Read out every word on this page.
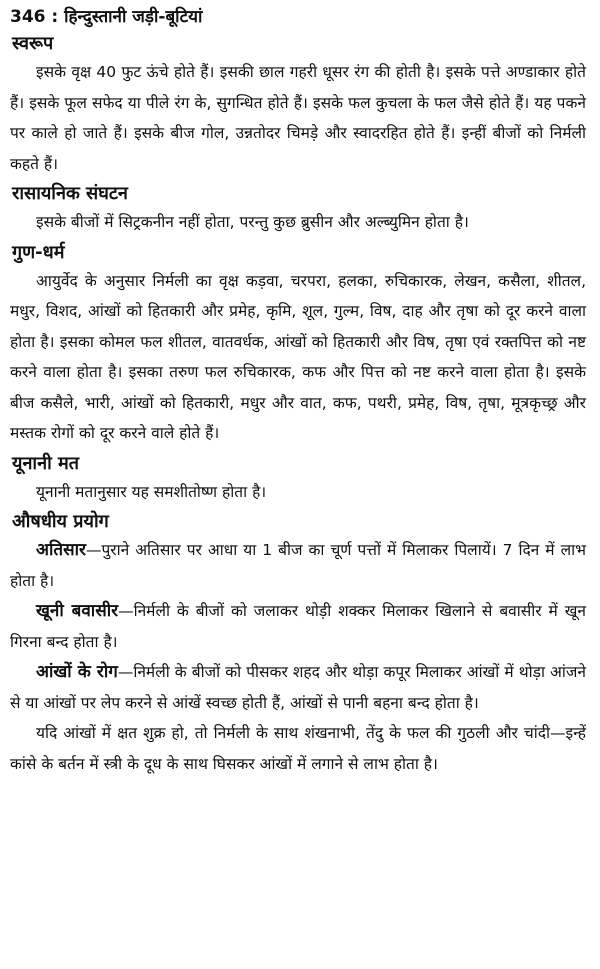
346 : हिन्दुस्तानी जड़ी-बूटियां
स्वरूप

इसके वृक्ष 40 फुट ऊंचे होते हैं। इसकी छाल गहरी धूसर रंग की होती है। इसके पत्ते अण्डाकार होते हैं। इसके फूल सफेद या पीले रंग के, सुगन्धित होते हैं। इसके फल कुचला के फल जैसे होते हैं। यह पकने पर काले हो जाते हैं। इसके बीज गोल, उन्नतोदर चिमड़े और स्वादरहित होते हैं। इन्हीं बीजों को निर्मली कहते हैं।

रासायनिक संघटन

इसके बीजों में सिट्रकनीन नहीं होता, परन्तु कुछ ब्रुसीन और अल्ब्युमिन होता है।

गुण-धर्म

आयुर्वेद के अनुसार निर्मली का वृक्ष कड़वा, चरपरा, हलका, रुचिकारक, लेखन, कसैला, शीतल, मधुर, विशद, आंखों को हितकारी और प्रमेह, कृमि, शूल, गुल्म, विष, दाह और तृषा को दूर करने वाला होता है। इसका कोमल फल शीतल, वातवर्धक, आंखों को हितकारी और विष, तृषा एवं रक्तपित्त को नष्ट करने वाला होता है। इसका तरुण फल रुचिकारक, कफ और पित्त को नष्ट करने वाला होता है। इसके बीज कसैले, भारी, आंखों को हितकारी, मधुर और वात, कफ, पथरी, प्रमेह, विष, तृषा, मूत्रकृच्छ्र और मस्तक रोगों को दूर करने वाले होते हैं।

यूनानी मत

यूनानी मतानुसार यह समशीतोष्ण होता है।

औषधीय प्रयोग

अतिसार—पुराने अतिसार पर आधा या 1 बीज का चूर्ण पत्तों में मिलाकर पिलायें। 7 दिन में लाभ होता है।

खूनी बवासीर—निर्मली के बीजों को जलाकर थोड़ी शक्कर मिलाकर खिलाने से बवासीर में खून गिरना बन्द होता है।

आंखों के रोग—निर्मली के बीजों को पीसकर शहद और थोड़ा कपूर मिलाकर आंखों में थोड़ा आंजने से या आंखों पर लेप करने से आंखें स्वच्छ होती हैं, आंखों से पानी बहना बन्द होता है।

यदि आंखों में क्षत शुक्र हो, तो निर्मली के साथ शंखनाभी, तेंदु के फल की गुठली और चांदी—इन्हें कांसे के बर्तन में स्त्री के दूध के साथ घिसकर आंखों में लगाने से लाभ होता है।
